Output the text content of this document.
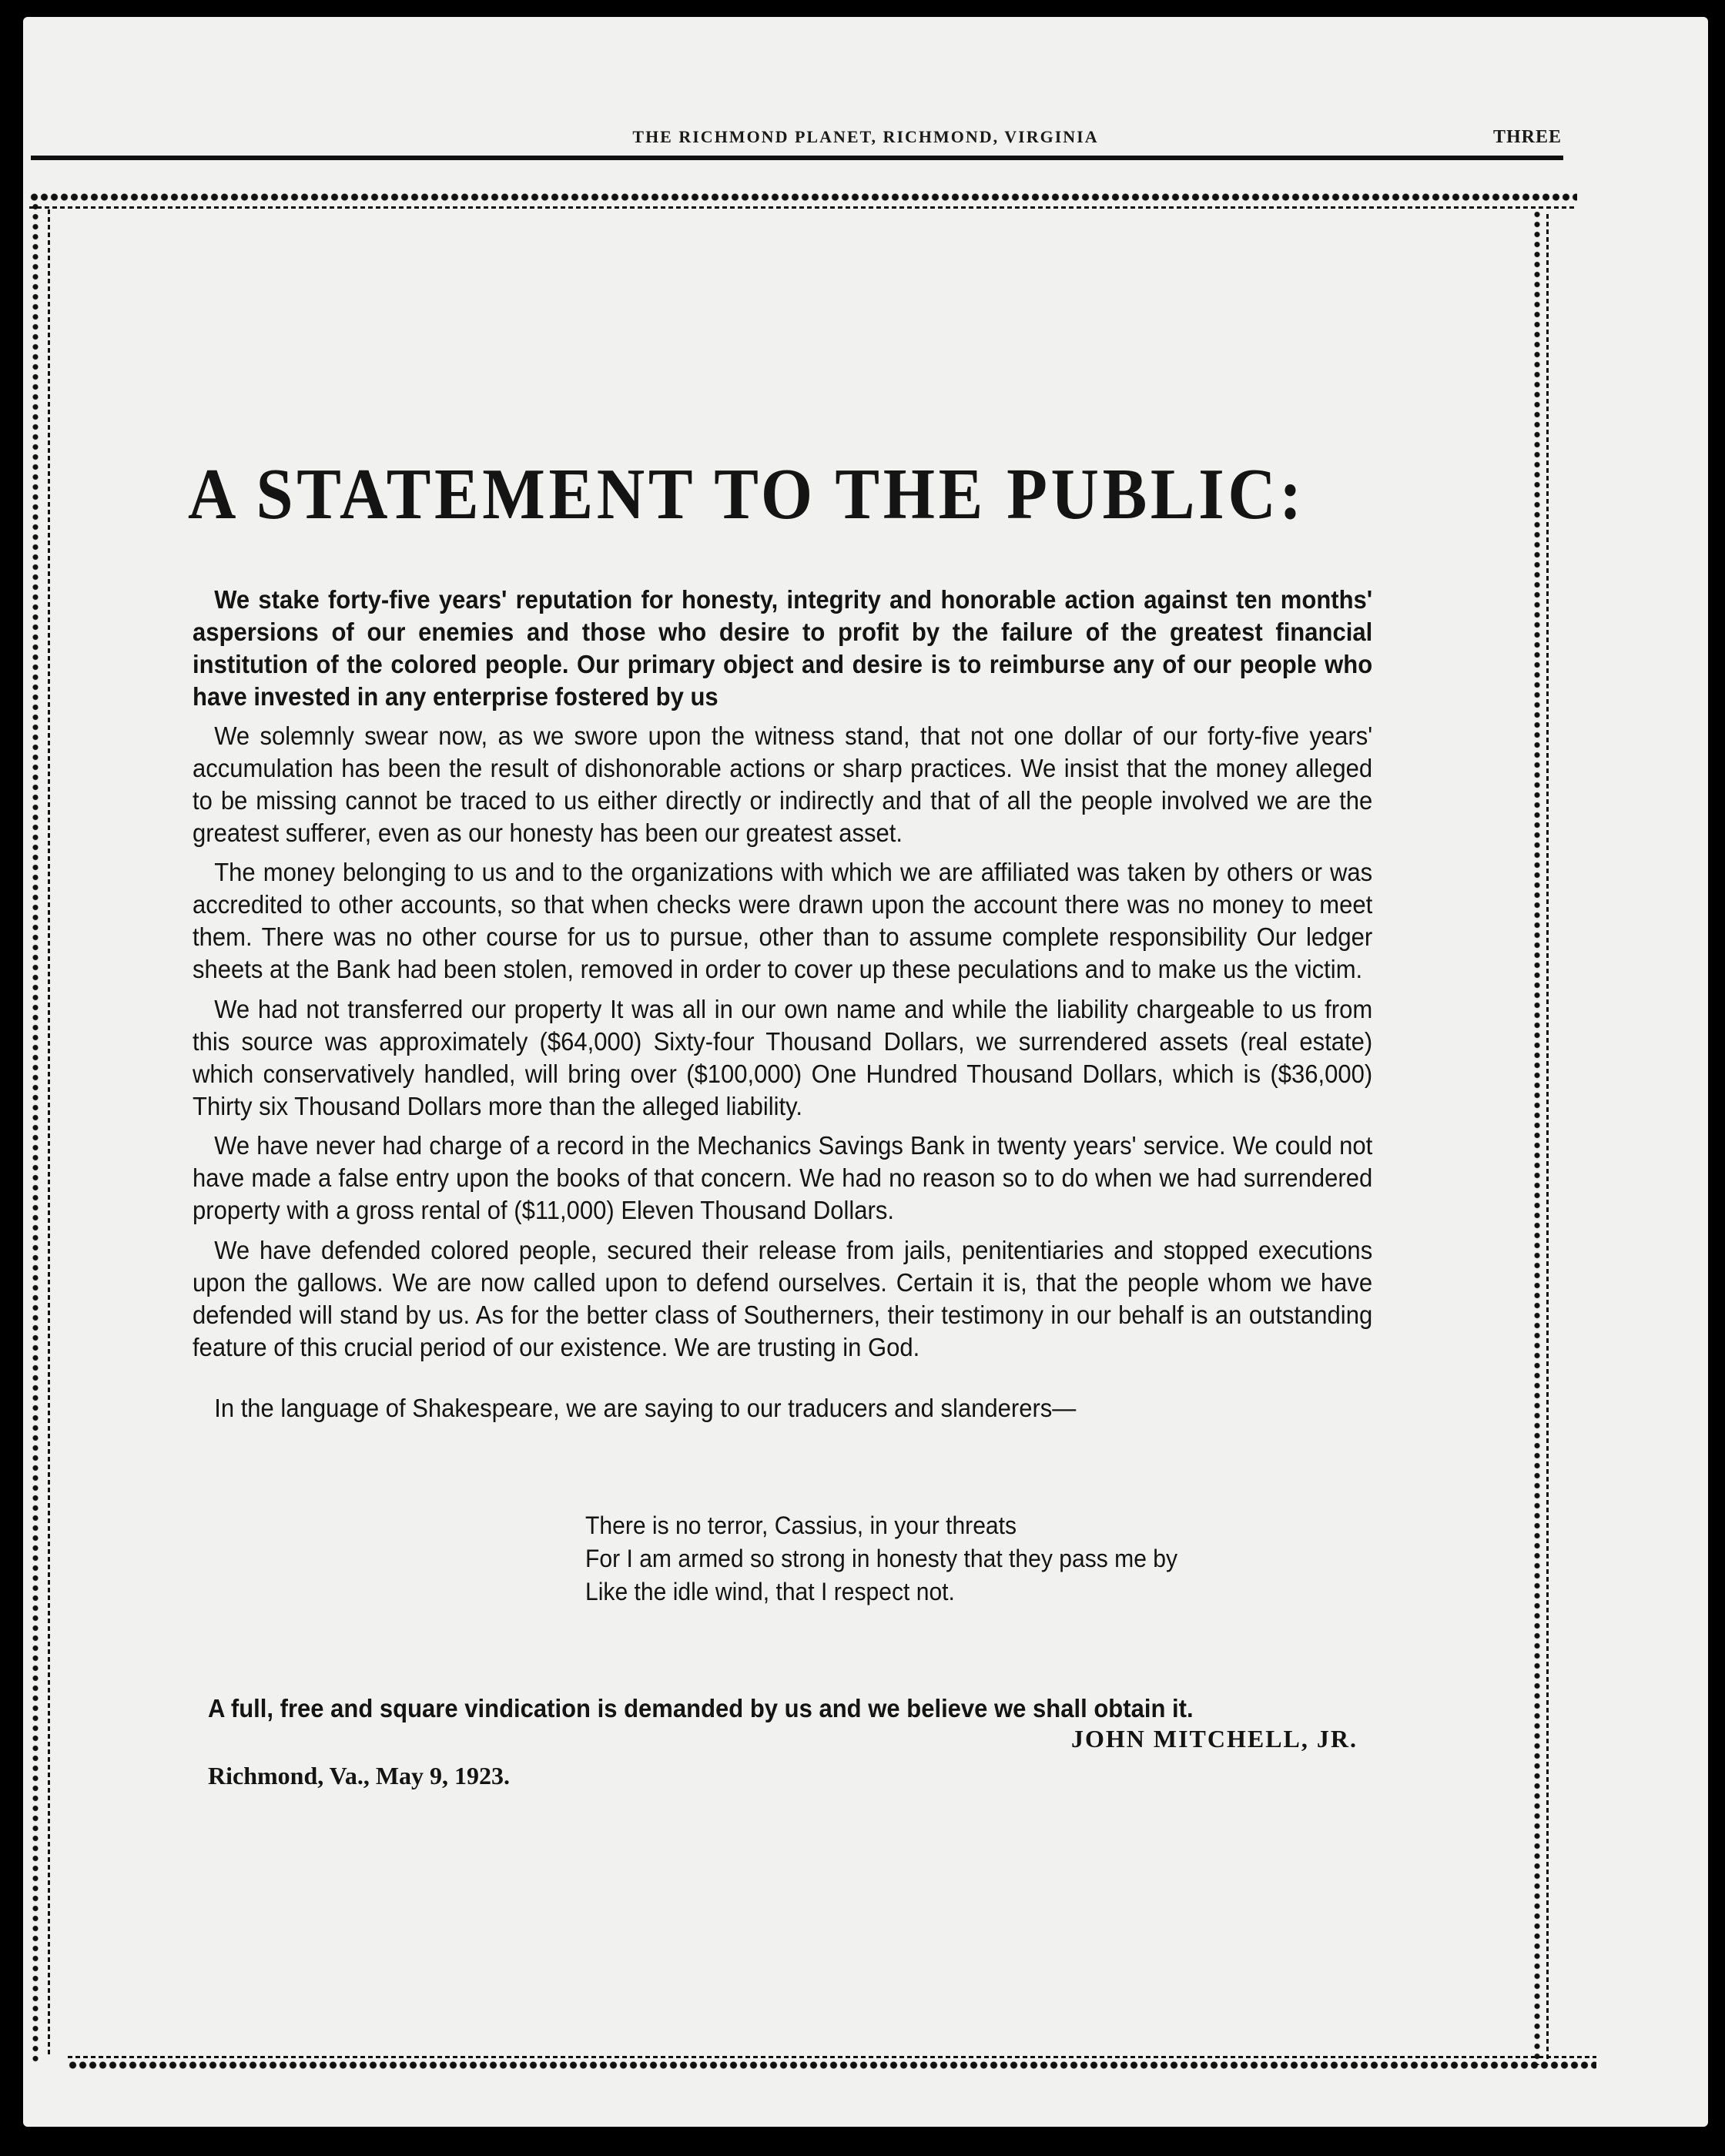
THE RICHMOND PLANET, RICHMOND, VIRGINIA	THREE
A STATEMENT TO THE PUBLIC:
We stake forty-five years' reputation for honesty, integrity and honorable action against ten months' aspersions of our enemies and those who desire to profit by the failure of the greatest financial institution of the colored people. Our primary object and desire is to reimburse any of our people who have invested in any enterprise fostered by us
We solemnly swear now, as we swore upon the witness stand, that not one dollar of our forty-five years' accumulation has been the result of dishonorable actions or sharp practices. We insist that the money alleged to be missing cannot be traced to us either directly or indirectly and that of all the people involved we are the greatest sufferer, even as our honesty has been our greatest asset.
The money belonging to us and to the organizations with which we are affiliated was taken by others or was accredited to other accounts, so that when checks were drawn upon the account there was no money to meet them. There was no other course for us to pursue, other than to assume complete responsibility Our ledger sheets at the Bank had been stolen, removed in order to cover up these peculations and to make us the victim.
We had not transferred our property It was all in our own name and while the liability chargeable to us from this source was approximately ($64,000) Sixty-four Thousand Dollars, we surrendered assets (real estate) which conservatively handled, will bring over ($100,000) One Hundred Thousand Dollars, which is ($36,000) Thirty six Thousand Dollars more than the alleged liability.
We have never had charge of a record in the Mechanics Savings Bank in twenty years' service. We could not have made a false entry upon the books of that concern. We had no reason so to do when we had surrendered property with a gross rental of ($11,000) Eleven Thousand Dollars.
We have defended colored people, secured their release from jails, penitentiaries and stopped executions upon the gallows. We are now called upon to defend ourselves. Certain it is, that the people whom we have defended will stand by us. As for the better class of Southerners, their testimony in our behalf is an outstanding feature of this crucial period of our existence. We are trusting in God.
In the language of Shakespeare, we are saying to our traducers and slanderers—
There is no terror, Cassius, in your threats
For I am armed so strong in honesty that they pass me by
Like the idle wind, that I respect not.
A full, free and square vindication is demanded by us and we believe we shall obtain it.
JOHN MITCHELL, JR.
Richmond, Va., May 9, 1923.
